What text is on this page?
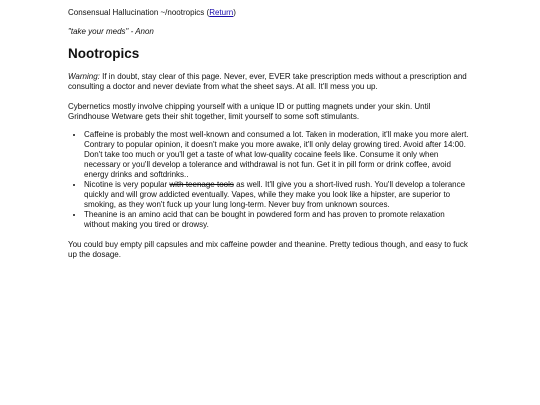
Consensual Hallucination ~/nootropics (Return)
"take your meds" - Anon
Nootropics

Warning: If in doubt, stay clear of this page. Never, ever, EVER take prescription meds without a prescription and consulting a doctor and never deviate from what the sheet says. At all. It'll mess you up.

Cybernetics mostly involve chipping yourself with a unique ID or putting magnets under your skin. Until Grindhouse Wetware gets their shit together, limit yourself to some soft stimulants.

• Caffeine is probably the most well-known and consumed a lot. Taken in moderation, it'll make you more alert. Contrary to popular opinion, it doesn't make you more awake, it'll only delay growing tired. Avoid after 14:00. Don't take too much or you'll get a taste of what low-quality cocaine feels like. Consume it only when necessary or you'll develop a tolerance and withdrawal is not fun. Get it in pill form or drink coffee, avoid energy drinks and softdrinks..
• Nicotine is very popular with teenage tools as well. It'll give you a short-lived rush. You'll develop a tolerance quickly and will grow addicted eventually. Vapes, while they make you look like a hipster, are superior to smoking, as they won't fuck up your lung long-term. Never buy from unknown sources.
• Theanine is an amino acid that can be bought in powdered form and has proven to promote relaxation without making you tired or drowsy.

You could buy empty pill capsules and mix caffeine powder and theanine. Pretty tedious though, and easy to fuck up the dosage.
